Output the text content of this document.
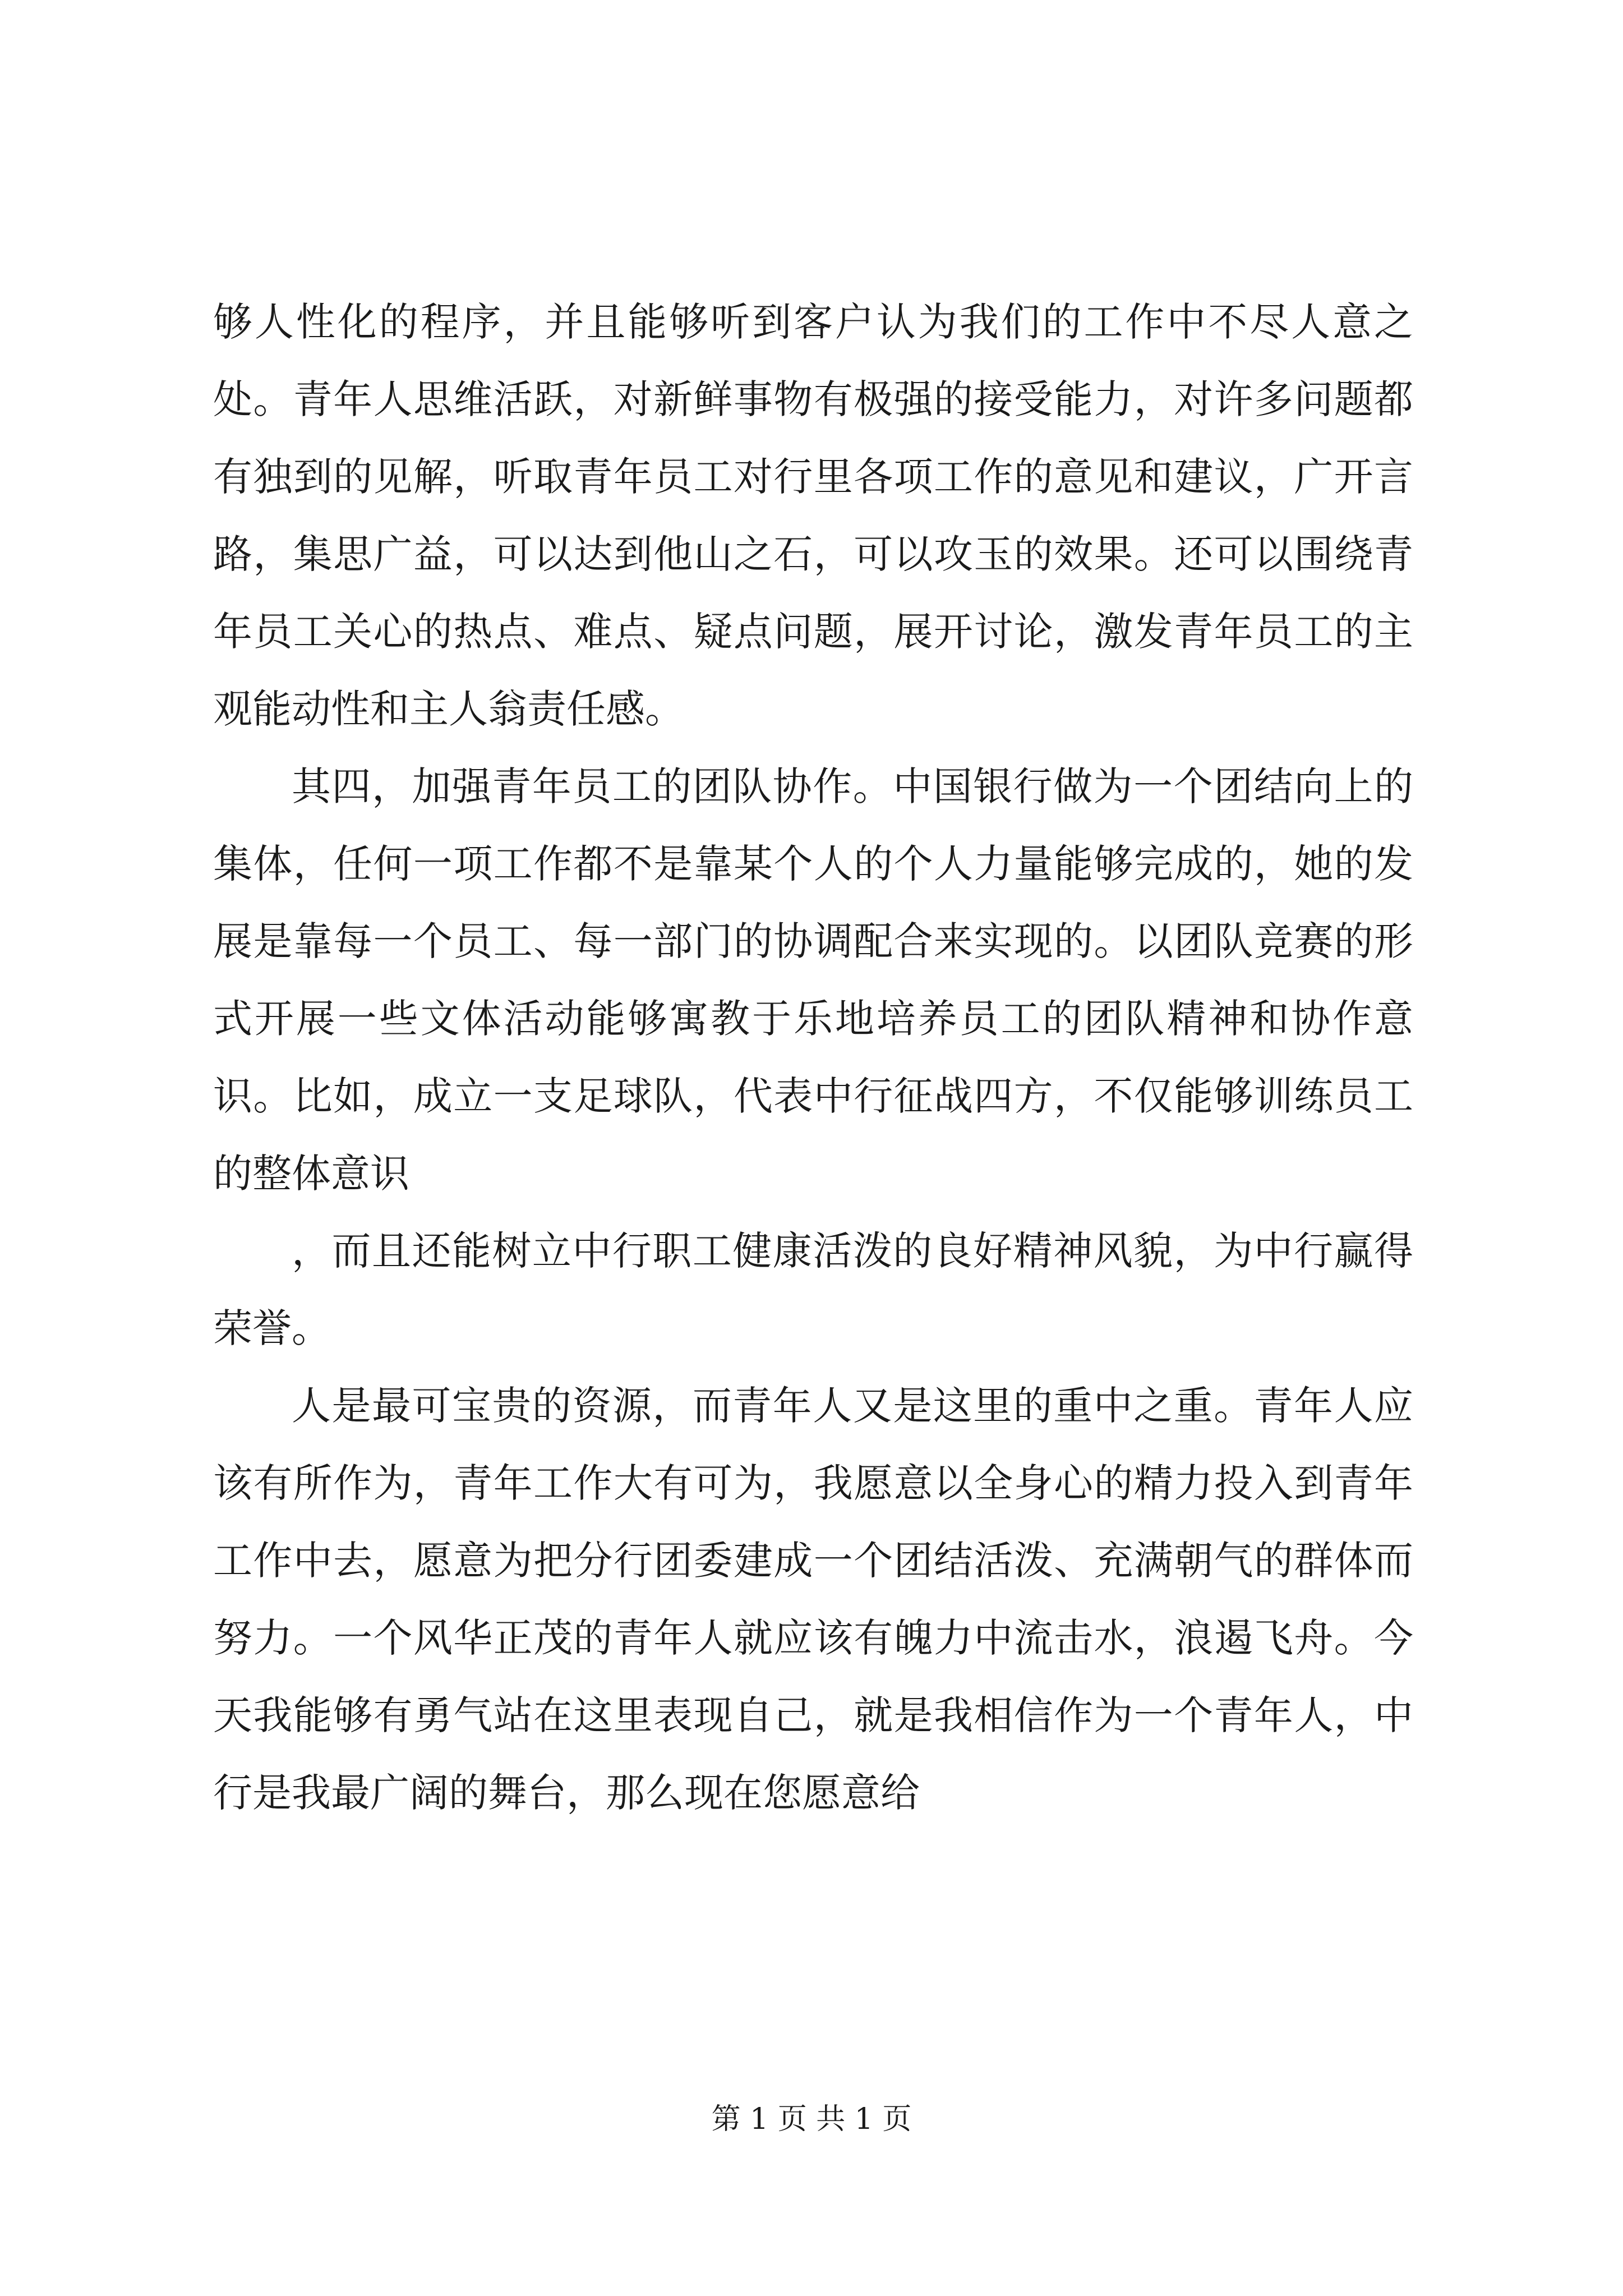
够人性化的程序，并且能够听到客户认为我们的工作中不尽人意之处。青年人思维活跃，对新鲜事物有极强的接受能力，对许多问题都有独到的见解，听取青年员工对行里各项工作的意见和建议，广开言路，集思广益，可以达到他山之石，可以攻玉的效果。还可以围绕青年员工关心的热点、难点、疑点问题，展开讨论，激发青年员工的主观能动性和主人翁责任感。

其四，加强青年员工的团队协作。中国银行做为一个团结向上的集体，任何一项工作都不是靠某个人的个人力量能够完成的，她的发展是靠每一个员工、每一部门的协调配合来实现的。以团队竞赛的形式开展一些文体活动能够寓教于乐地培养员工的团队精神和协作意识。比如，成立一支足球队，代表中行征战四方，不仅能够训练员工的整体意识

，而且还能树立中行职工健康活泼的良好精神风貌，为中行赢得荣誉。

人是最可宝贵的资源，而青年人又是这里的重中之重。青年人应该有所作为，青年工作大有可为，我愿意以全身心的精力投入到青年工作中去，愿意为把分行团委建成一个团结活泼、充满朝气的群体而努力。一个风华正茂的青年人就应该有魄力中流击水，浪遏飞舟。今天我能够有勇气站在这里表现自己，就是我相信作为一个青年人，中行是我最广阔的舞台，那么现在您愿意给

第 1 页 共 1 页
